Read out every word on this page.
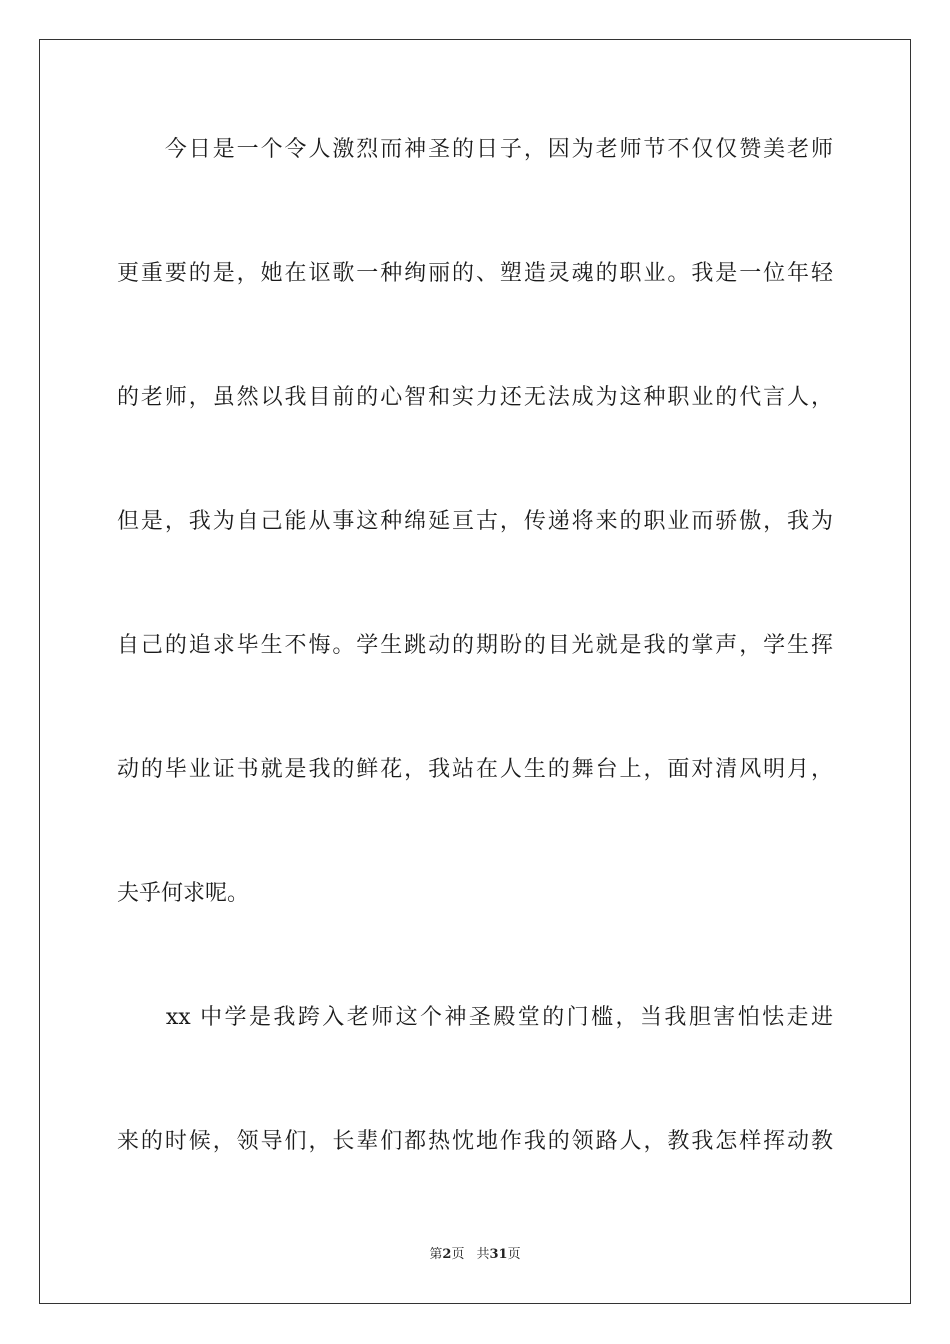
　　今日是一个令人激烈而神圣的日子，因为老师节不仅仅赞美老师
更重要的是，她在讴歌一种绚丽的、塑造灵魂的职业。我是一位年轻
的老师，虽然以我目前的心智和实力还无法成为这种职业的代言人，
但是，我为自己能从事这种绵延亘古，传递将来的职业而骄傲，我为
自己的追求毕生不悔。学生跳动的期盼的目光就是我的掌声，学生挥
动的毕业证书就是我的鲜花，我站在人生的舞台上，面对清风明月，
夫乎何求呢。
　　xx 中学是我跨入老师这个神圣殿堂的门槛，当我胆害怕怯走进
来的时候，领导们，长辈们都热忱地作我的领路人，教我怎样挥动教
第2页 共31页
